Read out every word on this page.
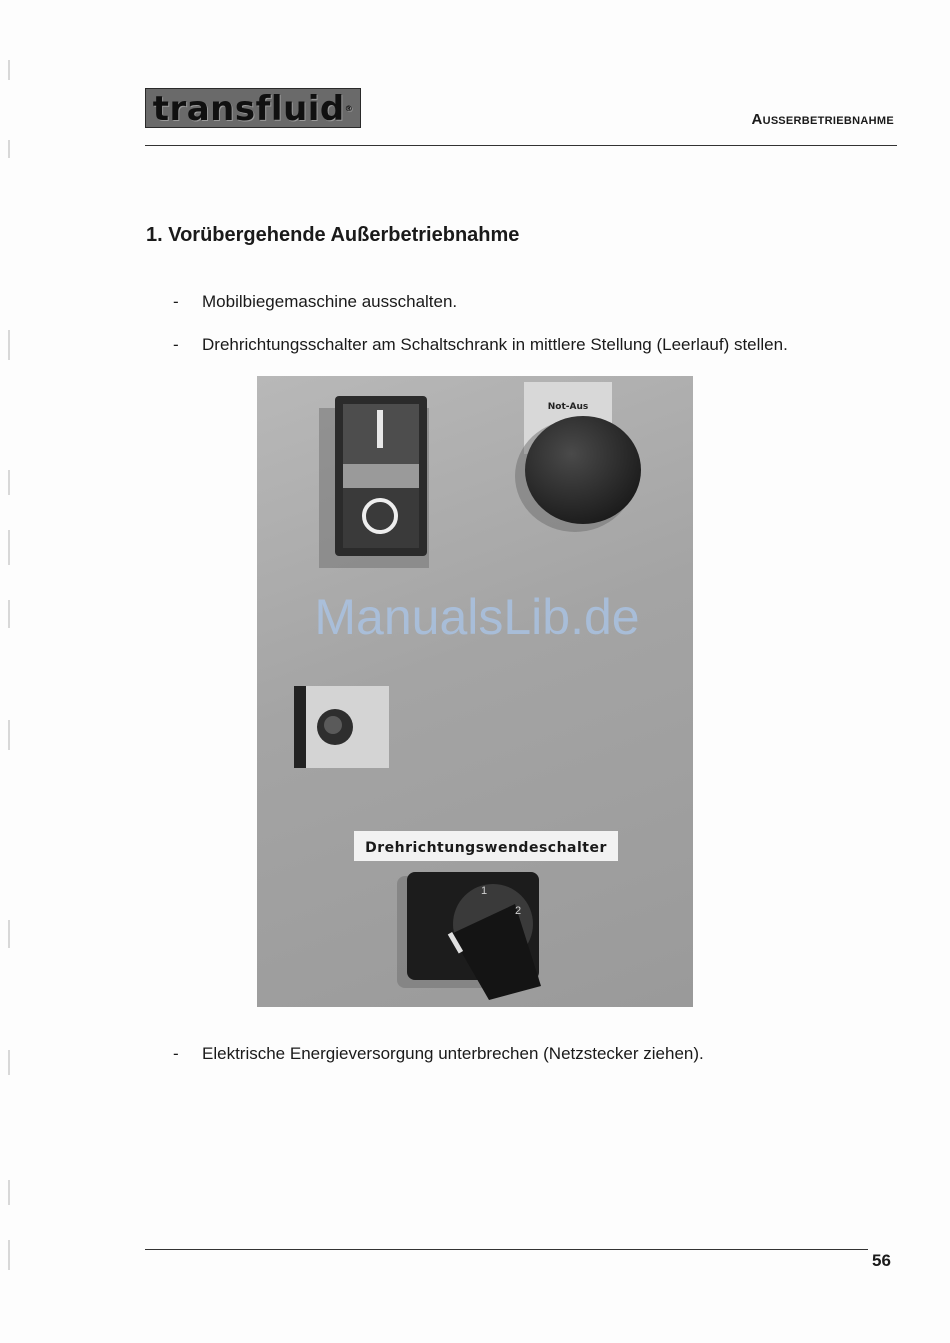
transfluid®
Außerbetriebnahme
1. Vorübergehende Außerbetriebnahme
- Mobilbiegemaschine ausschalten.
- Drehrichtungsschalter am Schaltschrank in mittlere Stellung (Leerlauf) stellen.
Not-Aus
ManualsLib.de
Drehrichtungswendeschalter
1
2
- Elektrische Energieversorgung unterbrechen (Netzstecker ziehen).
56
